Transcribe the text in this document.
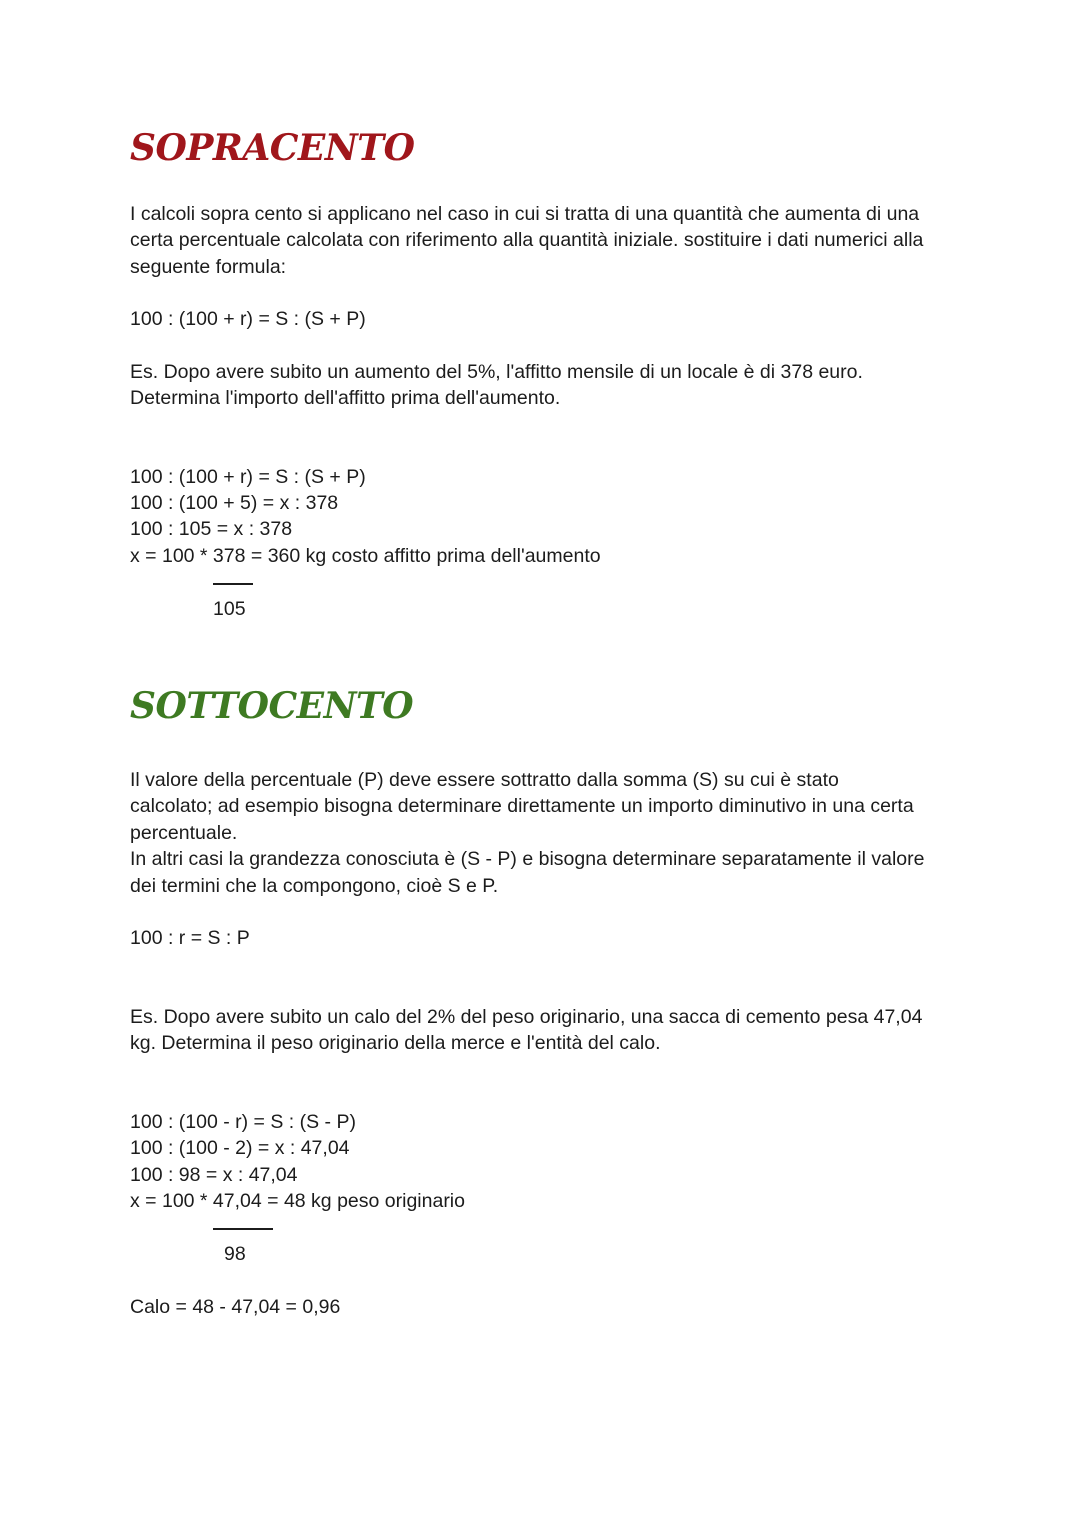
SOPRACENTO

I calcoli sopra cento si applicano nel caso in cui si tratta di una quantità che aumenta di una

certa percentuale calcolata con riferimento alla quantità iniziale. sostituire i dati numerici alla

seguente formula:

100 : (100 + r) = S : (S + P)

Es. Dopo avere subito un aumento del 5%, l'affitto mensile di un locale è di 378 euro.

Determina l'importo dell'affitto prima dell'aumento.

100 : (100 + r) = S : (S + P)

100 : (100 + 5) = x : 378

100 : 105 = x : 378

x = 100 * 378 = 360 kg costo affitto prima dell'aumento

105

SOTTOCENTO

Il valore della percentuale (P) deve essere sottratto dalla somma (S) su cui è stato

calcolato; ad esempio bisogna determinare direttamente un importo diminutivo in una certa

percentuale.

In altri casi la grandezza conosciuta è (S - P) e bisogna determinare separatamente il valore

dei termini che la compongono, cioè S e P.

100 : r = S : P

Es. Dopo avere subito un calo del 2% del peso originario, una sacca di cemento pesa 47,04

kg. Determina il peso originario della merce e l'entità del calo.

100 : (100 - r) = S : (S - P)

100 : (100 - 2) = x : 47,04

100 : 98 = x : 47,04

x = 100 * 47,04 = 48 kg peso originario

98

Calo = 48 - 47,04 = 0,96
